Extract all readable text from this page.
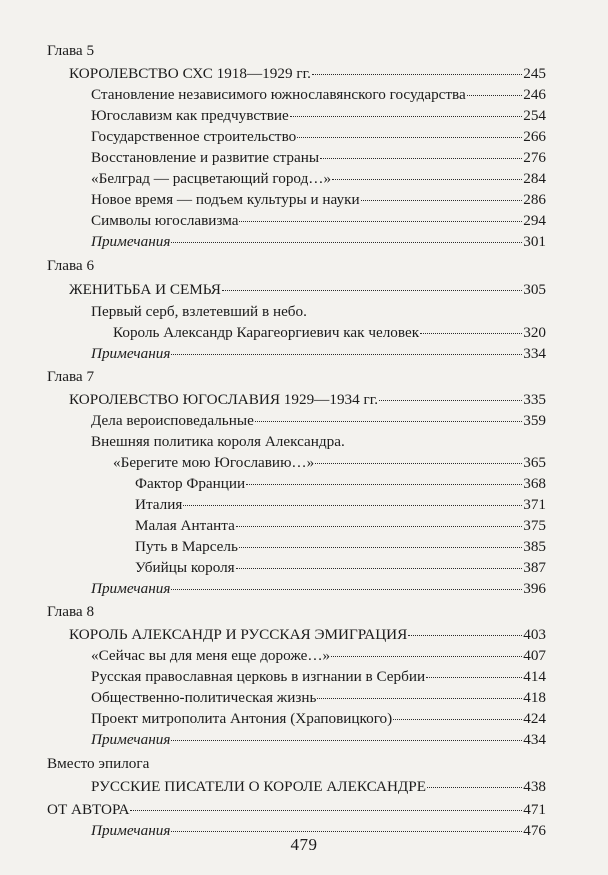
Глава 5
КОРОЛЕВСТВО СХС 1918—1929 гг.	245
Становление независимого южнославянского государства	246
Югославизм как предчувствие	254
Государственное строительство	266
Восстановление и развитие страны	276
«Белград — расцветающий город…»	284
Новое время — подъем культуры и науки	286
Символы югославизма	294
Примечания	301
Глава 6
ЖЕНИТЬБА И СЕМЬЯ	305
Первый серб, взлетевший в небо.
Король Александр Карагеоргиевич как человек	320
Примечания	334
Глава 7
КОРОЛЕВСТВО ЮГОСЛАВИЯ 1929—1934 гг.	335
Дела вероисповедальные	359
Внешняя политика короля Александра.
«Берегите мою Югославию…»	365
Фактор Франции	368
Италия	371
Малая Антанта	375
Путь в Марсель	385
Убийцы короля	387
Примечания	396
Глава 8
КОРОЛЬ АЛЕКСАНДР И РУССКАЯ ЭМИГРАЦИЯ	403
«Сейчас вы для меня еще дороже…»	407
Русская православная церковь в изгнании в Сербии	414
Общественно-политическая жизнь	418
Проект митрополита Антония (Храповицкого)	424
Примечания	434
Вместо эпилога
РУССКИЕ ПИСАТЕЛИ О КОРОЛЕ АЛЕКСАНДРЕ	438
ОТ АВТОРА	471
Примечания	476
479
